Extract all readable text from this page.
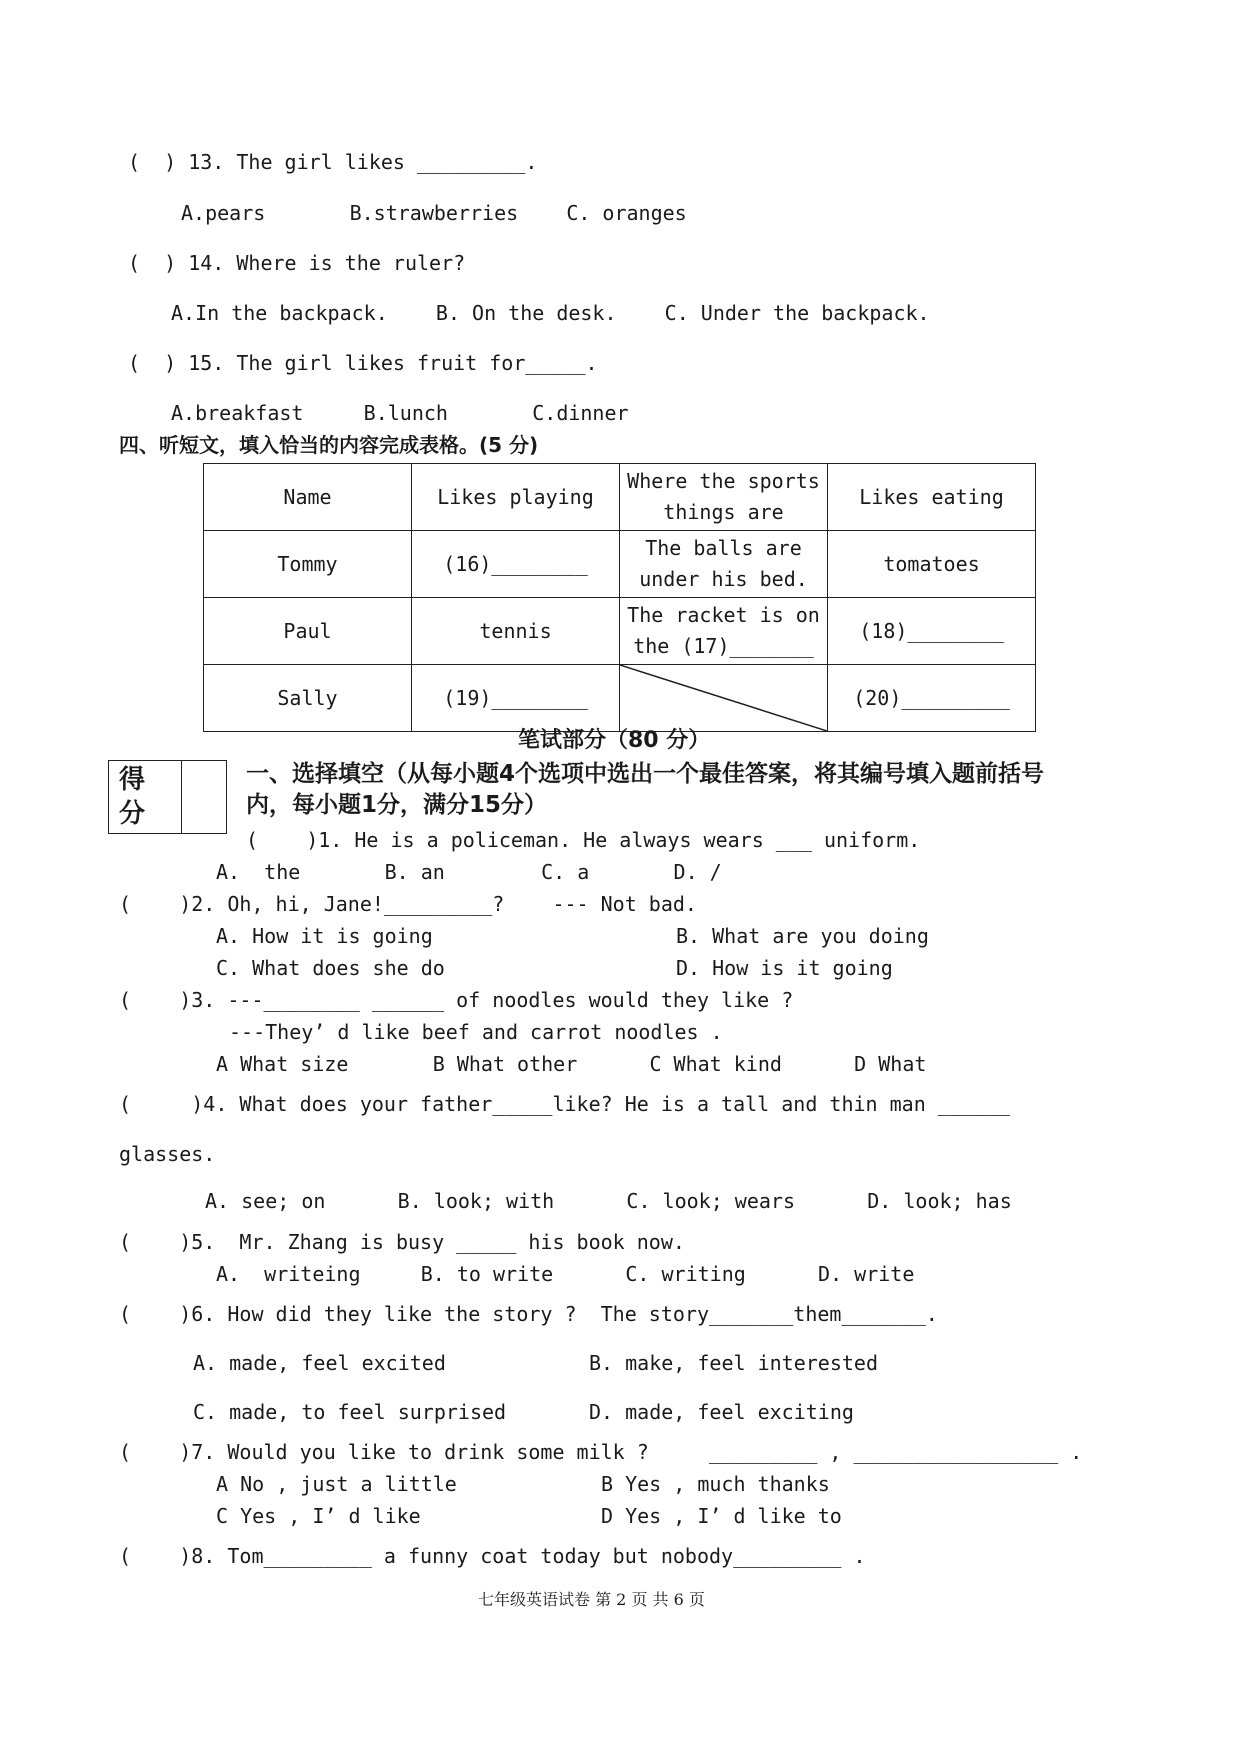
(  ) 13. The girl likes _________.
A.pears       B.strawberries    C. oranges
(  ) 14. Where is the ruler?
A.In the backpack.    B. On the desk.    C. Under the backpack.
(  ) 15. The girl likes fruit for_____.
A.breakfast     B.lunch       C.dinner
四、听短文，填入恰当的内容完成表格。(5 分)
Name	Likes playing	Where the sports things are	Likes eating
Tommy	(16)________	The balls are under his bed.	tomatoes
Paul	tennis	The racket is on the (17)_______	(18)________
Sally	(19)________		(20)_________
笔试部分（80 分）
得分
一、选择填空（从每小题4个选项中选出一个最佳答案，将其编号填入题前括号
内，每小题1分，满分15分）
(    )1. He is a policeman. He always wears ___ uniform.
A.  the       B. an        C. a       D. /
(    )2. Oh, hi, Jane!_________?    --- Not bad.
A. How it is going	B. What are you doing
C. What does she do	D. How is it going
(    )3. ---________ ______ of noodles would they like ?
---They’ d like beef and carrot noodles .
A What size       B What other      C What kind      D What
(     )4. What does your father_____like? He is a tall and thin man ______
glasses.
A. see; on      B. look; with      C. look; wears      D. look; has
(    )5.  Mr. Zhang is busy _____ his book now.
A.  writeing     B. to write      C. writing      D. write
(    )6. How did they like the story ?  The story_______them_______.
A. made, feel excited	B. make, feel interested
C. made, to feel surprised	D. made, feel exciting
(    )7. Would you like to drink some milk ?     _________ , _________________ .
A No , just a little	B Yes , much thanks
C Yes , I’ d like	D Yes , I’ d like to
(    )8. Tom_________ a funny coat today but nobody_________ .
七年级英语试卷 第 2 页 共 6 页
